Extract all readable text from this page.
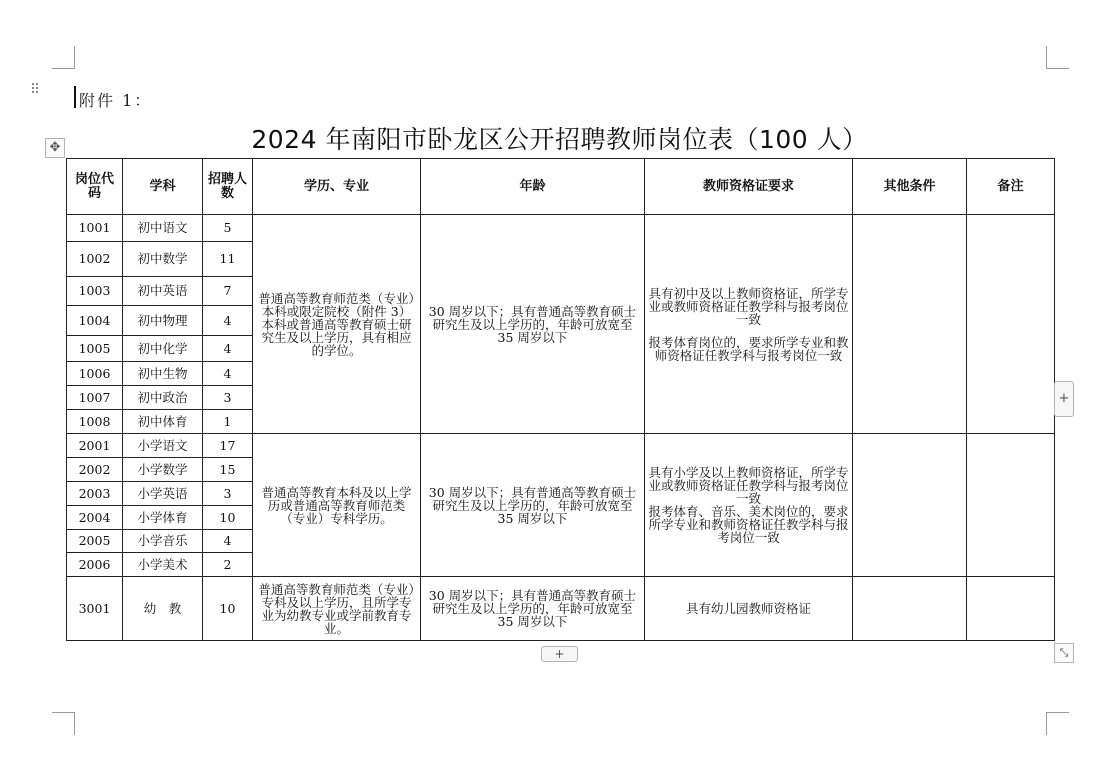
⠿
附件 1：
✥	2024 年南阳市卧龙区公开招聘教师岗位表（100 人）
岗位代码	学科	招聘人数	学历、专业	年龄	教师资格证要求	其他条件	备注
1001	初中语文	5	普通高等教育师范类（专业）本科或限定院校（附件 3）本科或普通高等教育硕士研究生及以上学历，具有相应的学位。	30 周岁以下；具有普通高等教育硕士研究生及以上学历的，年龄可放宽至 35 周岁以下	具有初中及以上教师资格证，所学专业或教师资格证任教学科与报考岗位一致
报考体育岗位的，要求所学专业和教师资格证任教学科与报考岗位一致		

1002	初中数学	11					
1003	初中英语	7					
1004	初中物理	4					
1005	初中化学	4					
1006	初中生物	4					
1007	初中政治	3					
1008	初中体育	1					
2001	小学语文	17	普通高等教育本科及以上学历或普通高等教育师范类（专业）专科学历。	30 周岁以下；具有普通高等教育硕士研究生及以上学历的，年龄可放宽至 35 周岁以下	具有小学及以上教师资格证，所学专业或教师资格证任教学科与报考岗位一致
报考体育、音乐、美术岗位的，要求所学专业和教师资格证任教学科与报考岗位一致		

2002	小学数学	15					
2003	小学英语	3					
2004	小学体育	10					
2005	小学音乐	4					
2006	小学美术	2					
3001	幼　教	10	普通高等教育师范类（专业）专科及以上学历，且所学专业为幼教专业或学前教育专业。	30 周岁以下；具有普通高等教育硕士研究生及以上学历的，年龄可放宽至 35 周岁以下	具有幼儿园教师资格证		
+
+	⤡
